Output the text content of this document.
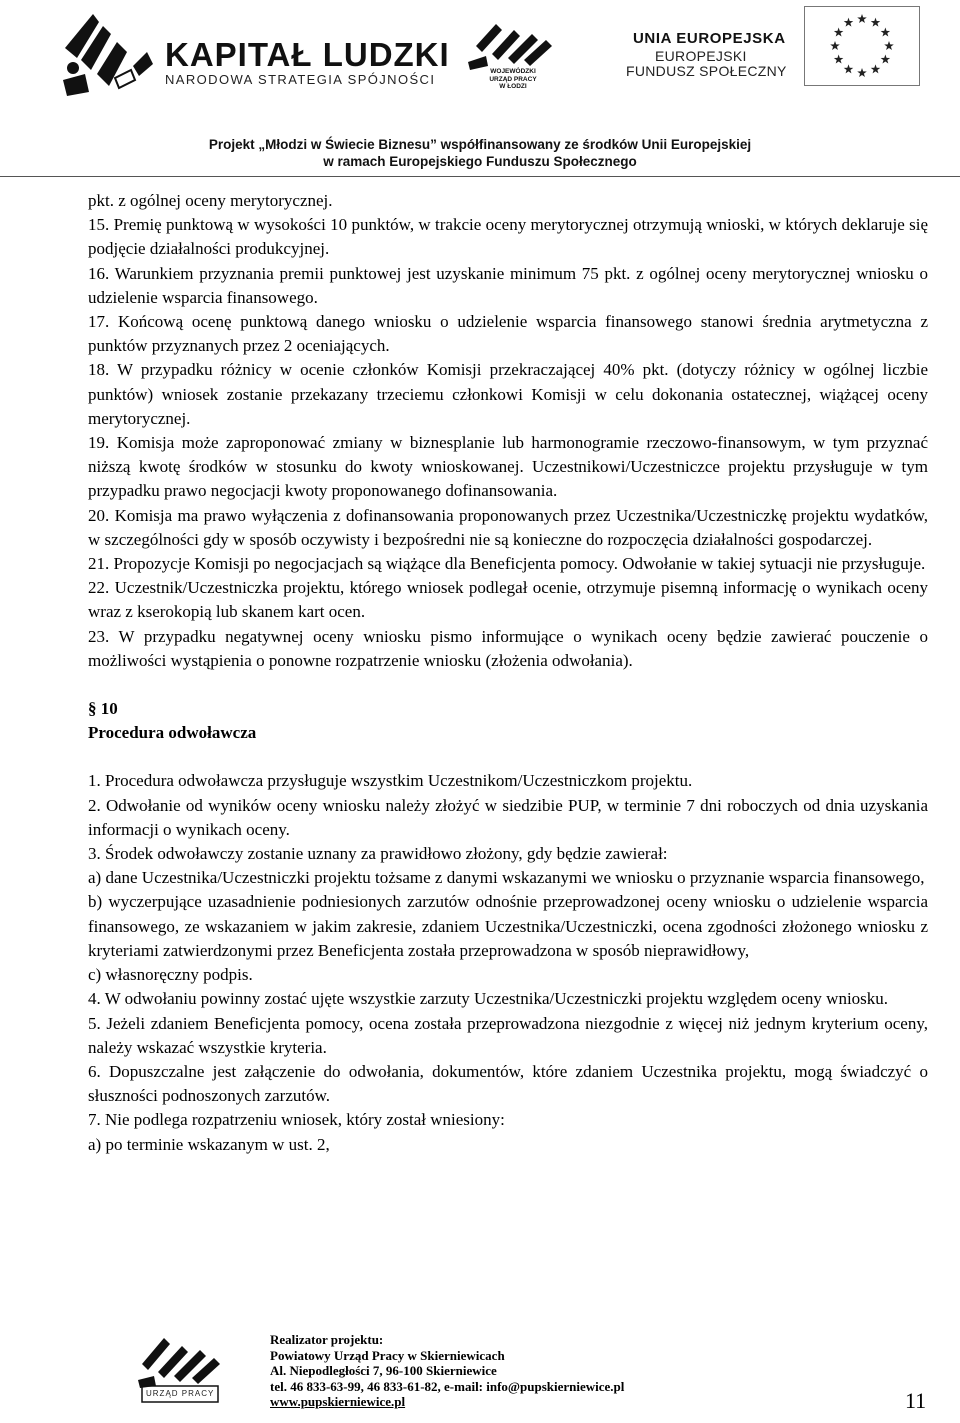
KAPITAŁ LUDZKI
NARODOWA STRATEGIA SPÓJNOŚCI
WOJEWÓDZKI
URZĄD PRACY
W ŁODZI
UNIA EUROPEJSKA
EUROPEJSKI
FUNDUSZ SPOŁECZNY
Projekt „Młodzi w Świecie Biznesu” współfinansowany ze środków Unii Europejskiej
w ramach Europejskiego Funduszu Społecznego

pkt. z ogólnej oceny merytorycznej.

15. Premię punktową w wysokości 10 punktów, w trakcie oceny merytorycznej otrzymują wnioski, w których deklaruje się podjęcie działalności produkcyjnej.

16. Warunkiem przyznania premii punktowej jest uzyskanie minimum 75 pkt. z ogólnej oceny merytorycznej wniosku o udzielenie wsparcia finansowego.

17. Końcową ocenę punktową danego wniosku o udzielenie wsparcia finansowego stanowi średnia arytmetyczna z punktów przyznanych przez 2 oceniających.

18. W przypadku różnicy w ocenie członków Komisji przekraczającej 40% pkt. (dotyczy różnicy w ogólnej liczbie punktów) wniosek zostanie przekazany trzeciemu członkowi Komisji w celu dokonania ostatecznej, wiążącej oceny merytorycznej.

19. Komisja może zaproponować zmiany w biznesplanie lub harmonogramie rzeczowo-finansowym, w tym przyznać niższą kwotę środków w stosunku do kwoty wnioskowanej. Uczestnikowi/Uczestniczce projektu przysługuje w tym przypadku prawo negocjacji kwoty proponowanego dofinansowania.

20. Komisja ma prawo wyłączenia z dofinansowania proponowanych przez Uczestnika/Uczestniczkę projektu wydatków, w szczególności gdy w sposób oczywisty i bezpośredni nie są konieczne do rozpoczęcia działalności gospodarczej.

21. Propozycje Komisji po negocjacjach są wiążące dla Beneficjenta pomocy. Odwołanie w takiej sytuacji nie przysługuje.

22. Uczestnik/Uczestniczka projektu, którego wniosek podlegał ocenie, otrzymuje pisemną informację o wynikach oceny wraz z kserokopią lub skanem kart ocen.

23. W przypadku negatywnej oceny wniosku pismo informujące o wynikach oceny będzie zawierać pouczenie o możliwości wystąpienia o ponowne rozpatrzenie wniosku (złożenia odwołania).

§ 10

Procedura odwoławcza

1. Procedura odwoławcza przysługuje wszystkim Uczestnikom/Uczestniczkom projektu.

2. Odwołanie od wyników oceny wniosku należy złożyć w siedzibie PUP, w terminie 7 dni roboczych od dnia uzyskania informacji o wynikach oceny.

3. Środek odwoławczy zostanie uznany za prawidłowo złożony, gdy będzie zawierał:

a) dane Uczestnika/Uczestniczki projektu tożsame z danymi wskazanymi we wniosku o przyznanie wsparcia finansowego,

b) wyczerpujące uzasadnienie podniesionych zarzutów odnośnie przeprowadzonej oceny wniosku o udzielenie wsparcia finansowego, ze wskazaniem w jakim zakresie, zdaniem Uczestnika/Uczestniczki, ocena zgodności złożonego wniosku z kryteriami zatwierdzonymi przez Beneficjenta została przeprowadzona w sposób nieprawidłowy,

c) własnoręczny podpis.

4. W odwołaniu powinny zostać ujęte wszystkie zarzuty Uczestnika/Uczestniczki projektu względem oceny wniosku.

5. Jeżeli zdaniem Beneficjenta pomocy, ocena została przeprowadzona niezgodnie z więcej niż jednym kryterium oceny, należy wskazać wszystkie kryteria.

6. Dopuszczalne jest załączenie do odwołania, dokumentów, które zdaniem Uczestnika projektu, mogą świadczyć o słuszności podnoszonych zarzutów.

7. Nie podlega rozpatrzeniu wniosek, który został wniesiony:

a) po terminie wskazanym w ust. 2,

URZĄD PRACY
Realizator projektu:
Powiatowy Urząd Pracy w Skierniewicach
Al. Niepodległości 7, 96-100 Skierniewice
tel. 46 833-63-99, 46 833-61-82, e-mail: info@pupskierniewice.pl
www.pupskierniewice.pl	11
